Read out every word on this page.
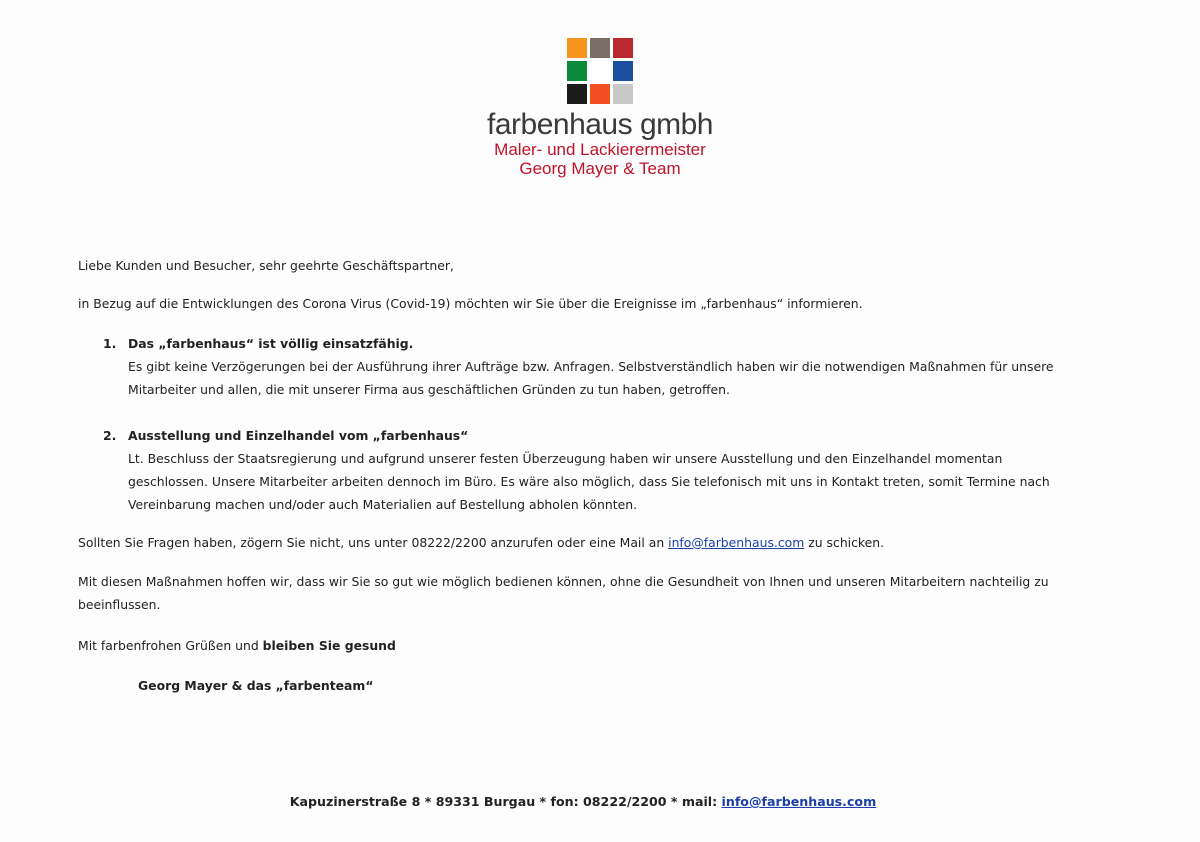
farbenhaus gmbh
Maler- und Lackierermeister
Georg Mayer & Team
Liebe Kunden und Besucher, sehr geehrte Geschäftspartner,
in Bezug auf die Entwicklungen des Corona Virus (Covid-19) möchten wir Sie über die Ereignisse im „farbenhaus“ informieren.
1. Das „farbenhaus“ ist völlig einsatzfähig.
Es gibt keine Verzögerungen bei der Ausführung ihrer Aufträge bzw. Anfragen. Selbstverständlich haben wir die notwendigen Maßnahmen für unsere Mitarbeiter und allen, die mit unserer Firma aus geschäftlichen Gründen zu tun haben, getroffen.
2. Ausstellung und Einzelhandel vom „farbenhaus“
Lt. Beschluss der Staatsregierung und aufgrund unserer festen Überzeugung haben wir unsere Ausstellung und den Einzelhandel momentan geschlossen. Unsere Mitarbeiter arbeiten dennoch im Büro. Es wäre also möglich, dass Sie telefonisch mit uns in Kontakt treten, somit Termine nach Vereinbarung machen und/oder auch Materialien auf Bestellung abholen könnten.
Sollten Sie Fragen haben, zögern Sie nicht, uns unter 08222/2200 anzurufen oder eine Mail an info@farbenhaus.com zu schicken.
Mit diesen Maßnahmen hoffen wir, dass wir Sie so gut wie möglich bedienen können, ohne die Gesundheit von Ihnen und unseren Mitarbeitern nachteilig zu beeinflussen.
Mit farbenfrohen Grüßen und bleiben Sie gesund
Georg Mayer & das „farbenteam“
Kapuzinerstraße 8 * 89331 Burgau * fon: 08222/2200 * mail: info@farbenhaus.com
